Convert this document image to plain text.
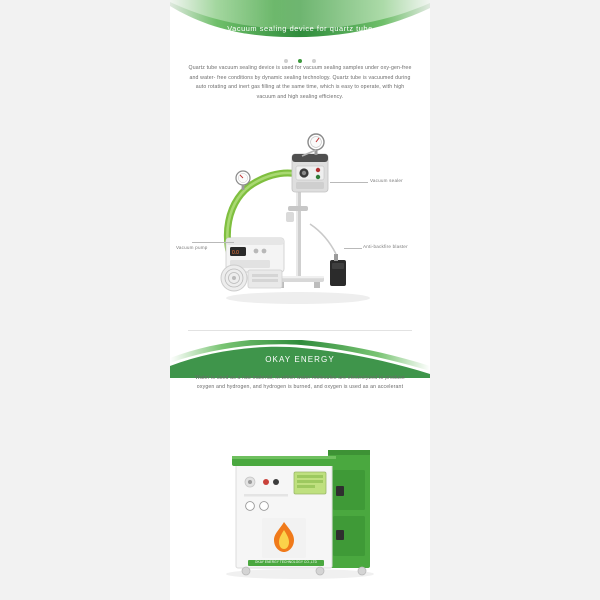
Vacuum sealing device for quartz tube

Quartz tube vacuum sealing device is used for vacuum sealing samples under oxy-gen-free and water- free conditions by dynamic sealing technology. Quartz tube is vacuumed during auto rotating and inert gas filling at the same time, which is easy to operate, with high vacuum and high sealing efficiency.
0.0
Vacuum sealer
Anti-backfire blaster
Vacuum pump
OKAY ENERGY
Water is used as a raw material, in which water molecules are electrolyzed to produce oxygen and hydrogen, and hydrogen is burned, and oxygen is used as an accelerant
OKAY ENERGY TECHNOLOGY CO.,LTD
